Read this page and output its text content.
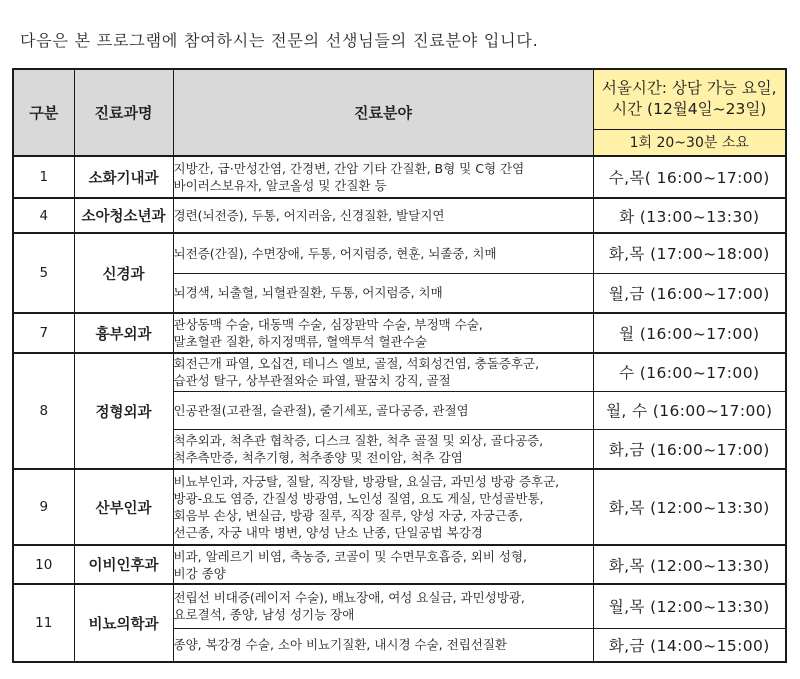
다음은 본 프로그램에 참여하시는 전문의 선생님들의 진료분야 입니다.
구분	진료과명	진료분야	서울시간: 상담 가능 요일,
시간 (12월4일~23일)

			1회 20~30분 소요
1	소화기내과	지방간, 급·만성간염, 간경변, 간암 기타 간질환, B형 및 C형 간염
바이러스보유자, 알코올성 및 간질환 등	수,목( 16:00~17:00)
4	소아청소년과	경련(뇌전증), 두통, 어지러움, 신경질환, 발달지연	화 (13:00~13:30)
5	신경과	뇌전증(간질), 수면장애, 두통, 어지럼증, 현훈, 뇌졸중, 치매	화,목 (17:00~18:00)

		뇌경색, 뇌출혈, 뇌혈관질환, 두통, 어지럼증, 치매	월,금 (16:00~17:00)
7	흉부외과	관상동맥 수술, 대동맥 수술, 심장판막 수술, 부정맥 수술,
말초혈관 질환, 하지정맥류, 혈액투석 혈관수술	월 (16:00~17:00)
8	정형외과	회전근개 파열, 오십견, 테니스 엘보, 골절, 석회성건염, 충돌증후군,
습관성 탈구, 상부관절와순 파열, 팔꿈치 강직, 골절	수 (16:00~17:00)

		인공관절(고관절, 슬관절), 줄기세포, 골다공증, 관절염	월, 수 (16:00~17:00)

		척추외과, 척추관 협착증, 디스크 질환, 척추 골절 및 외상, 골다공증,
척추측만증, 척추기형, 척추종양 및 전이암, 척추 감염	화,금 (16:00~17:00)
9	산부인과	비뇨부인과, 자궁탈, 질탈, 직장탈, 방광탈, 요실금, 과민성 방광 증후군,
방광-요도 염증, 간질성 방광염, 노인성 질염, 요도 게실, 만성골반통,
회음부 손상, 변실금, 방광 질루, 직장 질루, 양성 자궁, 자궁근종,
선근종, 자궁 내막 병변, 양성 난소 난종, 단일공법 복강경	화,목 (12:00~13:30)
10	이비인후과	비과, 알레르기 비염, 축농증, 코골이 및 수면무호흡증, 외비 성형,
비강 종양	화,목 (12:00~13:30)
11	비뇨의학과	전립선 비대증(레이저 수술), 배뇨장애, 여성 요실금, 과민성방광,
요로결석, 종양, 남성 성기능 장애	월,목 (12:00~13:30)

		종양, 복강경 수술, 소아 비뇨기질환, 내시경 수술, 전립선질환	화,금 (14:00~15:00)
